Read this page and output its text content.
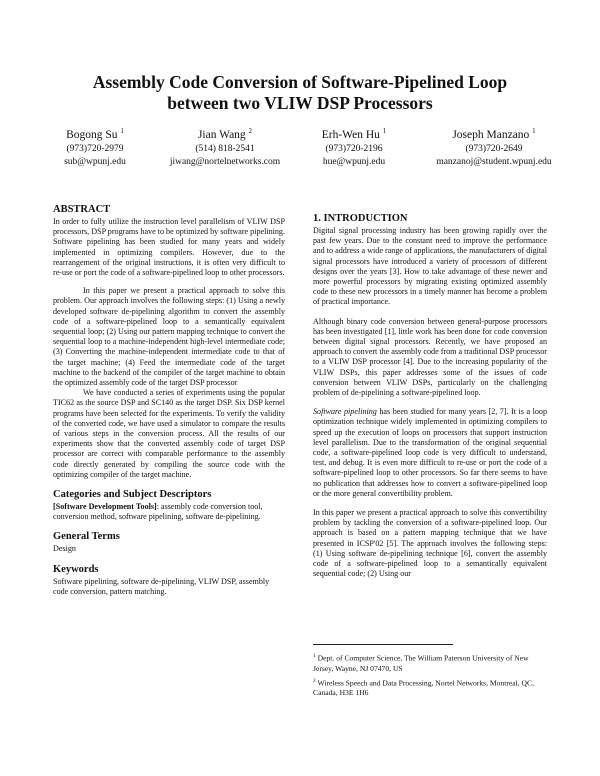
Assembly Code Conversion of Software-Pipelined Loop
between two VLIW DSP Processors
Bogong Su $^1$
(973)720-2979
sub@wpunj.edu
Jian Wang $^2$
(514) 818-2541
jiwang@nortelnetworks.com
Erh-Wen Hu $^1$
(973)720-2196
hue@wpunj.edu
Joseph Manzano $^1$
(973)720-2649
manzanoj@student.wpunj.edu
ABSTRACT
In order to fully utilize the instruction level parallelism of VLIW DSP processors, DSP programs have to be optimized by software pipelining. Software pipelining has been studied for many years and widely implemented in optimizing compilers. However, due to the rearrangement of the original instructions, it is often very difficult to re-use or port the code of a software-pipelined loop to other processors.
In this paper we present a practical approach to solve this problem. Our approach involves the following steps: (1) Using a newly developed software de-pipelining algorithm to convert the assembly code of a software-pipelined loop to a semantically equivalent sequential loop; (2) Using our pattern mapping technique to convert the sequential loop to a machine-independent high-level intermediate code; (3) Converting the machine-independent intermediate code to that of the target machine; (4) Feed the intermediate code of the target machine to the backend of the compiler of the target machine to obtain the optimized assembly code of the target DSP processor
We have conducted a series of experiments using the popular TIC62 as the source DSP and SC140 as the target DSP. Six DSP kernel programs have been selected for the experiments. To verify the validity of the converted code, we have used a simulator to compare the results of various steps in the conversion process. All the results of our experiments show that the converted assembly code of target DSP processor are correct with comparable performance to the assembly code directly generated by compiling the source code with the optimizing compiler of the target machine.
Categories and Subject Descriptors
[Software Development Tools]: assembly code conversion tool, conversion method, software pipelining, software de-pipelining.
General Terms
Design
Keywords
Software pipelining, software de-pipelining, VLIW DSP, assembly code conversion, pattern matching.
1. INTRODUCTION
Digital signal processing industry has been growing rapidly over the past few years. Due to the constant need to improve the performance and to address a wide range of applications, the manufacturers of digital signal processors have introduced a variety of processors of different designs over the years [3]. How to take advantage of these newer and more powerful processors by migrating existing optimized assembly code to these new processors in a timely manner has become a problem of practical importance.
Although binary code conversion between general-purpose processors has been investigated [1], little work has been done for code conversion between digital signal processors. Recently, we have proposed an approach to convert the assembly code from a traditional DSP processor to a VLIW DSP processor [4]. Due to the increasing popularity of the VLIW DSPs, this paper addresses some of the issues of code conversion between VLIW DSPs, particularly on the challenging problem of de-pipelining a software-pipelined loop.
Software pipelining has been studied for many years [2, 7]. It is a loop optimization technique widely implemented in optimizing compilers to speed up the execution of loops on processors that support instruction level parallelism. Due to the transformation of the original sequential code, a software-pipelined loop code is very difficult to understand, test, and debug. It is even more difficult to re-use or port the code of a software-pipelined loop to other processors. So far there seems to have no publication that addresses how to convert a software-pipelined loop or the more general convertibility problem.
In this paper we present a practical approach to solve this convertibility problem by tackling the conversion of a software-pipelined loop. Our approach is based on a pattern mapping technique that we have presented in ICSP'02 [5]. The approach involves the following steps: (1) Using software de-pipelining technique [6], convert the assembly code of a software-pipelined loop to a semantically equivalent sequential code; (2) Using our
$^1$ Dept. of Computer Science, The William Paterson University of New Jersey, Wayne, NJ 07470, US
$^2$ Wireless Speech and Data Processing, Nortel Networks, Montreal, QC, Canada, H3E 1H6
